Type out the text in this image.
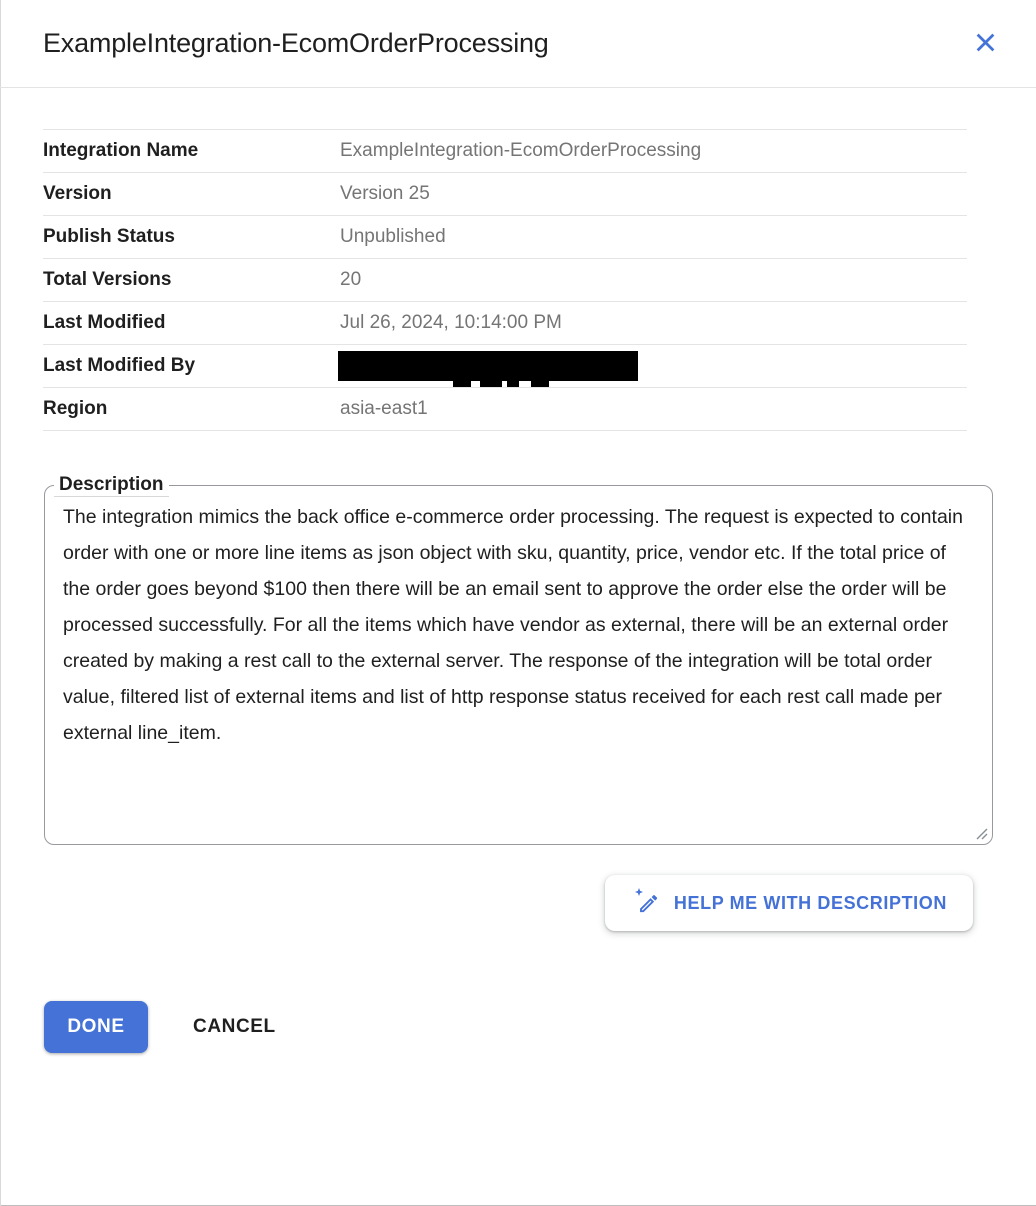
ExampleIntegration-EcomOrderProcessing
Integration Name	ExampleIntegration-EcomOrderProcessing
Version	Version 25
Publish Status	Unpublished
Total Versions	20
Last Modified	Jul 26, 2024, 10:14:00 PM
Last Modified By
Region	asia-east1
Description
The integration mimics the back office e-commerce order processing. The request is expected to contain order with one or more line items as json object with sku, quantity, price, vendor etc. If the total price of the order goes beyond $100 then there will be an email sent to approve the order else the order will be processed successfully. For all the items which have vendor as external, there will be an external order created by making a rest call to the external server. The response of the integration will be total order value, filtered list of external items and list of http response status received for each rest call made per external line_item.
HELP ME WITH DESCRIPTION
DONE	CANCEL
